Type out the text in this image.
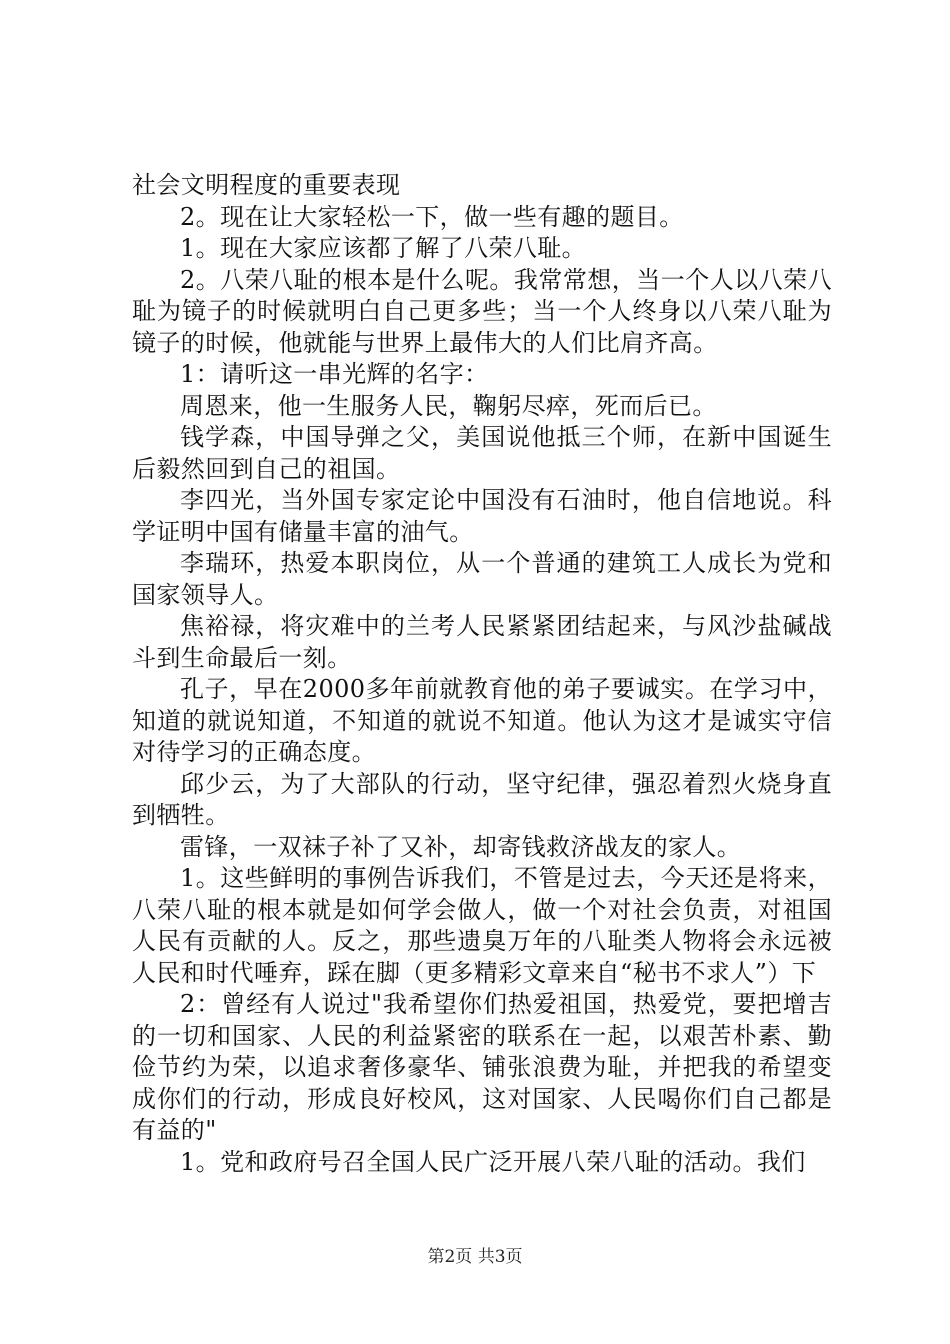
社会文明程度的重要表现

2。现在让大家轻松一下，做一些有趣的题目。

1。现在大家应该都了解了八荣八耻。

2。八荣八耻的根本是什么呢。我常常想，当一个人以八荣八耻为镜子的时候就明白自己更多些；当一个人终身以八荣八耻为镜子的时候，他就能与世界上最伟大的人们比肩齐高。

1：请听这一串光辉的名字：

周恩来，他一生服务人民，鞠躬尽瘁，死而后已。

钱学森，中国导弹之父，美国说他抵三个师，在新中国诞生后毅然回到自己的祖国。

李四光，当外国专家定论中国没有石油时，他自信地说。科学证明中国有储量丰富的油气。

李瑞环，热爱本职岗位，从一个普通的建筑工人成长为党和国家领导人。

焦裕禄，将灾难中的兰考人民紧紧团结起来，与风沙盐碱战斗到生命最后一刻。

孔子，早在2000多年前就教育他的弟子要诚实。在学习中，知道的就说知道，不知道的就说不知道。他认为这才是诚实守信对待学习的正确态度。

邱少云，为了大部队的行动，坚守纪律，强忍着烈火烧身直到牺牲。

雷锋，一双袜子补了又补，却寄钱救济战友的家人。

1。这些鲜明的事例告诉我们，不管是过去，今天还是将来，八荣八耻的根本就是如何学会做人，做一个对社会负责，对祖国人民有贡献的人。反之，那些遗臭万年的八耻类人物将会永远被人民和时代唾弃，踩在脚（更多精彩文章来自“秘书不求人”）下

2：曾经有人说过"我希望你们热爱祖国，热爱党，要把增吉的一切和国家、人民的利益紧密的联系在一起，以艰苦朴素、勤俭节约为荣，以追求奢侈豪华、铺张浪费为耻，并把我的希望变成你们的行动，形成良好校风，这对国家、人民喝你们自己都是有益的"

1。党和政府号召全国人民广泛开展八荣八耻的活动。我们

第2页 共3页
